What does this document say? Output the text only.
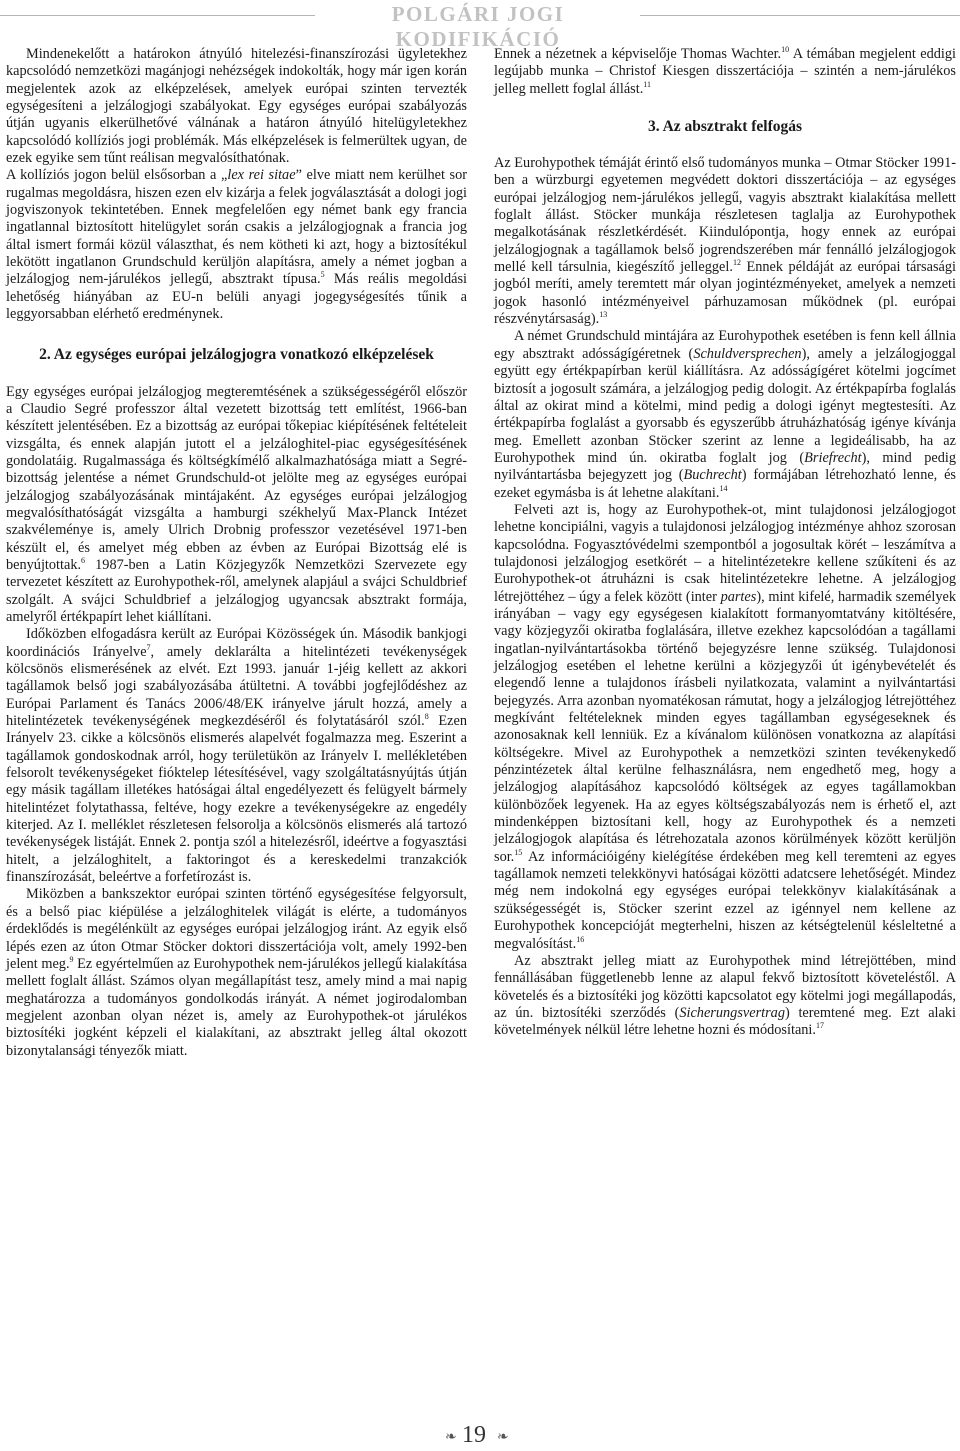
POLGÁRI JOGI KODIFIKÁCIÓ

Mindenekelőtt a határokon átnyúló hitelezési-finanszírozási ügyletekhez kapcsolódó nemzetközi magánjogi nehézségek indokolták, hogy már igen korán megjelentek azok az elképzelések, amelyek európai szinten tervezték egységesíteni a jelzálogjogi szabályokat. Egy egységes európai szabályozás útján ugyanis elkerülhetővé válnának a határon átnyúló hitelügyletekhez kapcsolódó kollíziós jogi problémák. Más elképzelések is felmerültek ugyan, de ezek egyike sem tűnt reálisan megvalósíthatónak.

A kollíziós jogon belül elsősorban a „lex rei sitae” elve miatt nem kerülhet sor rugalmas megoldásra, hiszen ezen elv kizárja a felek jogválasztását a dologi jogi jogviszonyok tekintetében. Ennek megfelelően egy német bank egy francia ingatlannal biztosított hitelügylet során csakis a jelzálogjognak a francia jog által ismert formái közül választhat, és nem kötheti ki azt, hogy a biztosítékul lekötött ingatlanon Grundschuld kerüljön alapításra, amely a német jogban a jelzálogjog nem-járulékos jellegű, absztrakt típusa.$^5$ Más reális megoldási lehetőség hiányában az EU-n belüli anyagi jogegységesítés tűnik a leggyorsabban elérhető eredménynek.

2. Az egységes európai jelzálogjogra vonatkozó elképzelések

Egy egységes európai jelzálogjog megteremtésének a szükségességéről először a Claudio Segré professzor által vezetett bizottság tett említést, 1966-ban készített jelentésében. Ez a bizottság az európai tőkepiac kiépítésének feltételeit vizsgálta, és ennek alapján jutott el a jelzáloghitel-piac egységesítésének gondolatáig. Rugalmassága és költségkímélő alkalmazhatósága miatt a Segré-bizottság jelentése a német Grundschuld-ot jelölte meg az egységes európai jelzálogjog szabályozásának mintájaként. Az egységes európai jelzálogjog megvalósíthatóságát vizsgálta a hamburgi székhelyű Max-Planck Intézet szakvéleménye is, amely Ulrich Drobnig professzor vezetésével 1971-ben készült el, és amelyet még ebben az évben az Európai Bizottság elé is benyújtottak.$^6$ 1987-ben a Latin Közjegyzők Nemzetközi Szervezete egy tervezetet készített az Eurohypothek-ről, amelynek alapjául a svájci Schuldbrief szolgált. A svájci Schuldbrief a jelzálogjog ugyancsak absztrakt formája, amelyről értékpapírt lehet kiállítani.

Időközben elfogadásra került az Európai Közösségek ún. Második bankjogi koordinációs Irányelve$^7$, amely deklarálta a hitelintézeti tevékenységek kölcsönös elismerésének az elvét. Ezt 1993. január 1-jéig kellett az akkori tagállamok belső jogi szabályozásába átültetni. A további jogfejlődéshez az Európai Parlament és Tanács 2006/48/EK irányelve járult hozzá, amely a hitelintézetek tevékenységének megkezdéséről és folytatásáról szól.$^8$ Ezen Irányelv 23. cikke a kölcsönös elismerés alapelvét fogalmazza meg. Eszerint a tagállamok gondoskodnak arról, hogy területükön az Irányelv I. mellékletében felsorolt tevékenységeket fióktelep létesítésével, vagy szolgáltatásnyújtás útján egy másik tagállam illetékes hatóságai által engedélyezett és felügyelt bármely hitelintézet folytathassa, feltéve, hogy ezekre a tevékenységekre az engedély kiterjed. Az I. melléklet részletesen felsorolja a kölcsönös elismerés alá tartozó tevékenységek listáját. Ennek 2. pontja szól a hitelezésről, ideértve a fogyasztási hitelt, a jelzáloghitelt, a faktoringot és a kereskedelmi tranzakciók finanszírozását, beleértve a forfetírozást is.

Miközben a bankszektor európai szinten történő egységesítése felgyorsult, és a belső piac kiépülése a jelzáloghitelek világát is elérte, a tudományos érdeklődés is megélénkült az egységes európai jelzálogjog iránt. Az egyik első lépés ezen az úton Otmar Stöcker doktori disszertációja volt, amely 1992-ben jelent meg.$^9$ Ez egyértelműen az Eurohypothek nem-járulékos jellegű kialakítása mellett foglalt állást. Számos olyan megállapítást tesz, amely mind a mai napig meghatározza a tudományos gondolkodás irányát. A német jogirodalomban megjelent azonban olyan nézet is, amely az Eurohypothek-ot járulékos biztosítéki jogként képzeli el kialakítani, az absztrakt jelleg által okozott bizonytalansági tényezők miatt.

Ennek a nézetnek a képviselője Thomas Wachter.$^{10}$ A témában megjelent eddigi legújabb munka – Christof Kiesgen disszertációja – szintén a nem-járulékos jelleg mellett foglal állást.$^{11}$

3. Az absztrakt felfogás

Az Eurohypothek témáját érintő első tudományos munka – Otmar Stöcker 1991-ben a würzburgi egyetemen megvédett doktori disszertációja – az egységes európai jelzálogjog nem-járulékos jellegű, vagyis absztrakt kialakítása mellett foglalt állást. Stöcker munkája részletesen taglalja az Eurohypothek megalkotásának részletkérdését. Kiindulópontja, hogy ennek az európai jelzálogjognak a tagállamok belső jogrendszerében már fennálló jelzálogjogok mellé kell társulnia, kiegészítő jelleggel.$^{12}$ Ennek példáját az európai társasági jogból meríti, amely teremtett már olyan jogintézményeket, amelyek a nemzeti jogok hasonló intézményeivel párhuzamosan működnek (pl. európai részvénytársaság).$^{13}$

A német Grundschuld mintájára az Eurohypothek esetében is fenn kell állnia egy absztrakt adósságígéretnek (Schuldversprechen), amely a jelzálogjoggal együtt egy értékpapírban kerül kiállításra. Az adósságígéret kötelmi jogcímet biztosít a jogosult számára, a jelzálogjog pedig dologit. Az értékpapírba foglalás által az okirat mind a kötelmi, mind pedig a dologi igényt megtestesíti. Az értékpapírba foglalást a gyorsabb és egyszerűbb átruházhatóság igénye kívánja meg. Emellett azonban Stöcker szerint az lenne a legideálisabb, ha az Eurohypothek mind ún. okiratba foglalt jog (Briefrecht), mind pedig nyilvántartásba bejegyzett jog (Buchrecht) formájában létrehozható lenne, és ezeket egymásba is át lehetne alakítani.$^{14}$

Felveti azt is, hogy az Eurohypothek-ot, mint tulajdonosi jelzálogjogot lehetne koncipiálni, vagyis a tulajdonosi jelzálogjog intézménye ahhoz szorosan kapcsolódna. Fogyasztóvédelmi szempontból a jogosultak körét – leszámítva a tulajdonosi jelzálogjog esetkörét – a hitelintézetekre kellene szűkíteni és az Eurohypothek-ot átruházni is csak hitelintézetekre lehetne. A jelzálogjog létrejöttéhez – úgy a felek között (inter partes), mint kifelé, harmadik személyek irányában – vagy egy egységesen kialakított formanyomtatvány kitöltésére, vagy közjegyzői okiratba foglalására, illetve ezekhez kapcsolódóan a tagállami ingatlan-nyilvántartásokba történő bejegyzésre lenne szükség. Tulajdonosi jelzálogjog esetében el lehetne kerülni a közjegyzői út igénybevételét és elegendő lenne a tulajdonos írásbeli nyilatkozata, valamint a nyilvántartási bejegyzés. Arra azonban nyomatékosan rámutat, hogy a jelzálogjog létrejöttéhez megkívánt feltételeknek minden egyes tagállamban egységeseknek és azonosaknak kell lenniük. Ez a kívánalom különösen vonatkozna az alapítási költségekre. Mivel az Eurohypothek a nemzetközi szinten tevékenykedő pénzintézetek által kerülne felhasználásra, nem engedhető meg, hogy a jelzálogjog alapításához kapcsolódó költségek az egyes tagállamokban különbözőek legyenek. Ha az egyes költségszabályozás nem is érhető el, azt mindenképpen biztosítani kell, hogy az Eurohypothek és a nemzeti jelzálogjogok alapítása és létrehozatala azonos körülmények között kerüljön sor.$^{15}$ Az információigény kielégítése érdekében meg kell teremteni az egyes tagállamok nemzeti telekkönyvi hatóságai közötti adatcsere lehetőségét. Mindez még nem indokolná egy egységes európai telekkönyv kialakításának a szükségességét is, Stöcker szerint ezzel az igénnyel nem kellene az Eurohypothek koncepcióját megterhelni, hiszen az kétségtelenül késleltetné a megvalósítást.$^{16}$

Az absztrakt jelleg miatt az Eurohypothek mind létrejöttében, mind fennállásában függetlenebb lenne az alapul fekvő biztosított követeléstől. A követelés és a biztosítéki jog közötti kapcsolatot egy kötelmi jogi megállapodás, az ún. biztosítéki szerződés (Sicherungsvertrag) teremtené meg. Ezt alaki követelmények nélkül létre lehetne hozni és módosítani.$^{17}$

❧ 19 ❧
